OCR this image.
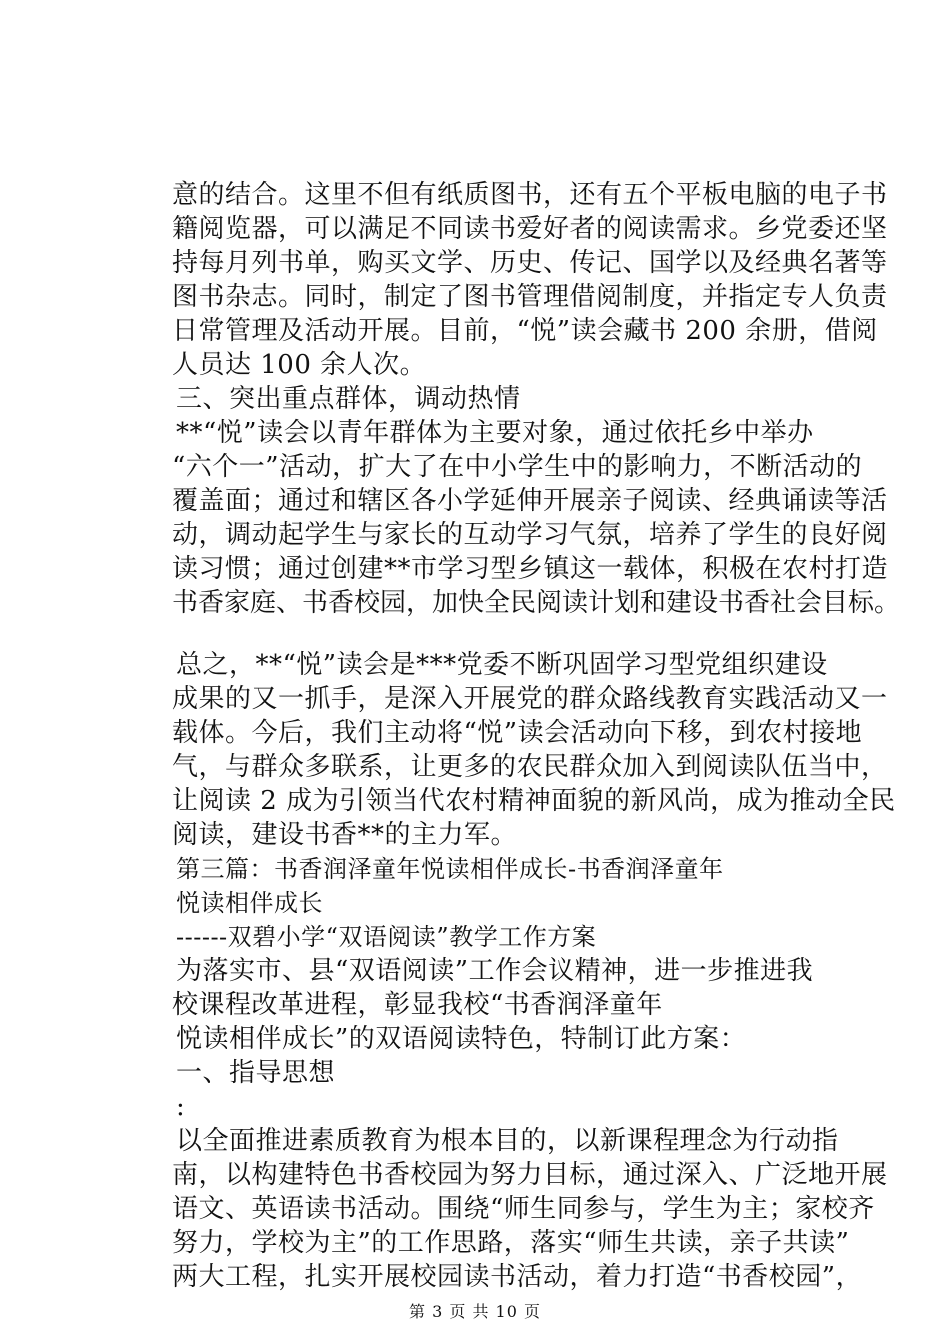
意的结合。这里不但有纸质图书，还有五个平板电脑的电子书
籍阅览器，可以满足不同读书爱好者的阅读需求。乡党委还坚
持每月列书单，购买文学、历史、传记、国学以及经典名著等
图书杂志。同时，制定了图书管理借阅制度，并指定专人负责
日常管理及活动开展。目前，“悦”读会藏书 200 余册，借阅
人员达 100 余人次。
三、突出重点群体，调动热情
**“悦”读会以青年群体为主要对象，通过依托乡中举办
“六个一”活动，扩大了在中小学生中的影响力，不断活动的
覆盖面；通过和辖区各小学延伸开展亲子阅读、经典诵读等活
动，调动起学生与家长的互动学习气氛，培养了学生的良好阅
读习惯；通过创建**市学习型乡镇这一载体，积极在农村打造
书香家庭、书香校园，加快全民阅读计划和建设书香社会目标。
总之，**“悦”读会是***党委不断巩固学习型党组织建设
成果的又一抓手，是深入开展党的群众路线教育实践活动又一
载体。今后，我们主动将“悦”读会活动向下移，到农村接地
气，与群众多联系，让更多的农民群众加入到阅读队伍当中，
让阅读 2 成为引领当代农村精神面貌的新风尚，成为推动全民
阅读，建设书香**的主力军。
第三篇：书香润泽童年悦读相伴成长-书香润泽童年
悦读相伴成长
------双碧小学“双语阅读”教学工作方案
为落实市、县“双语阅读”工作会议精神，进一步推进我
校课程改革进程，彰显我校“书香润泽童年
悦读相伴成长”的双语阅读特色，特制订此方案：
一、指导思想
:
以全面推进素质教育为根本目的，以新课程理念为行动指
南，以构建特色书香校园为努力目标，通过深入、广泛地开展
语文、英语读书活动。围绕“师生同参与，学生为主；家校齐
努力，学校为主”的工作思路，落实“师生共读，亲子共读”
两大工程，扎实开展校园读书活动，着力打造“书香校园”，
第 3 页 共 10 页
